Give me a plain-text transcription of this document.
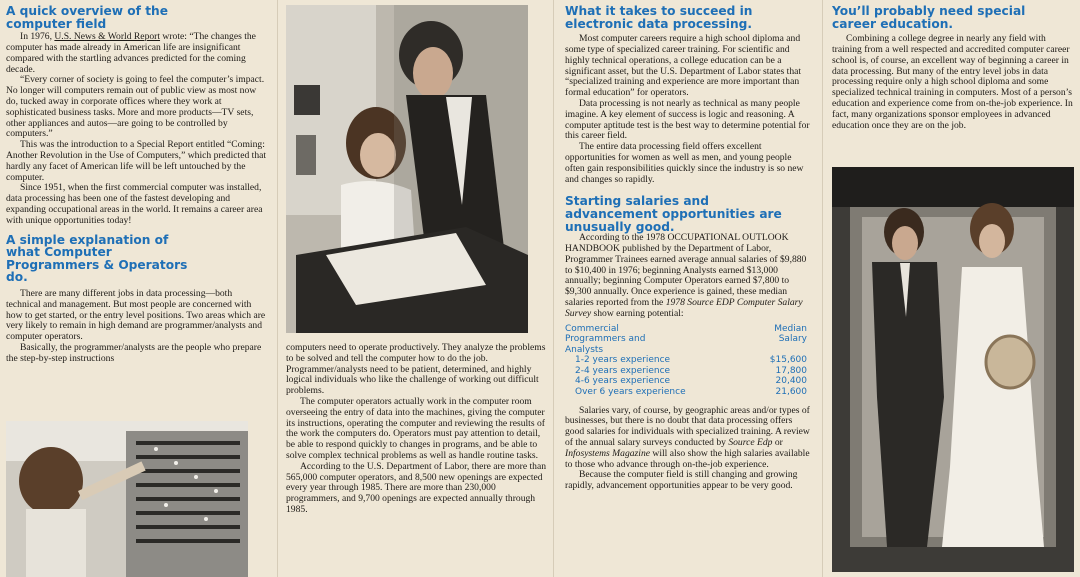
A quick overview of the computer field

In 1976, U.S. News & World Report wrote: “The changes the computer has made already in American life are insignificant compared with the startling advances predicted for the coming decade.

“Every corner of society is going to feel the computer’s impact. No longer will computers remain out of public view as most now do, tucked away in corporate offices where they work at sophisticated business tasks. More and more products—TV sets, other appliances and autos—are going to be controlled by computers.”

This was the introduction to a Special Report entitled “Coming: Another Revolution in the Use of Computers,” which predicted that hardly any facet of American life will be left untouched by the computer.

Since 1951, when the first commercial computer was installed, data processing has been one of the fastest developing and expanding occupational areas in the world. It remains a career area with unique opportunities today!

A simple explanation of what Computer Programmers & Operators do.

There are many different jobs in data processing—both technical and management. But most people are concerned with how to get started, or the entry level positions. Two areas which are very likely to remain in high demand are programmer/analysts and computer operators.

Basically, the programmer/analysts are the people who prepare the step-by-step instructions

computers need to operate productively. They analyze the problems to be solved and tell the computer how to do the job. Programmer/analysts need to be patient, determined, and highly logical individuals who like the challenge of working out difficult problems.

The computer operators actually work in the computer room overseeing the entry of data into the machines, giving the computer its instructions, operating the computer and reviewing the results of the work the computers do. Operators must pay attention to detail, be able to respond quickly to changes in programs, and be able to solve complex technical problems as well as handle routine tasks.

According to the U.S. Department of Labor, there are more than 565,000 computer operators, and 8,500 new openings are expected every year through 1985. There are more than 230,000 programmers, and 9,700 openings are expected annually through 1985.

What it takes to succeed in electronic data processing.

Most computer careers require a high school diploma and some type of specialized career training. For scientific and highly technical operations, a college education can be a significant asset, but the U.S. Department of Labor states that “specialized training and experience are more important than formal education” for operators.

Data processing is not nearly as technical as many people imagine. A key element of success is logic and reasoning. A computer aptitude test is the best way to determine potential for this career field.

The entire data processing field offers excellent opportunities for women as well as men, and young people often gain responsibilities quickly since the industry is so new and changes so rapidly.

Starting salaries and advancement opportunities are unusually good.

According to the 1978 OCCUPATIONAL OUTLOOK HANDBOOK published by the Department of Labor, Programmer Trainees earned average annual salaries of $9,880 to $10,400 in 1976; beginning Analysts earned $13,000 annually; beginning Computer Operators earned $7,800 to $9,300 annually. Once experience is gained, these median salaries reported from the 1978 Source EDP Computer Salary Survey show earning potential:

Commercial Programmers and Analysts
Median Salary
1-2 years experience	$15,600
2-4 years experience	17,800
4-6 years experience	20,400
Over 6 years experience	21,600

Salaries vary, of course, by geographic areas and/or types of businesses, but there is no doubt that data processing offers good salaries for individuals with specialized training. A review of the annual salary surveys conducted by Source Edp or Infosystems Magazine will also show the high salaries available to those who advance through on-the-job experience.

Because the computer field is still changing and growing rapidly, advancement opportunities appear to be very good.

You’ll probably need special career education.

Combining a college degree in nearly any field with training from a well respected and accredited computer career school is, of course, an excellent way of beginning a career in data processing. But many of the entry level jobs in data processing require only a high school diploma and some specialized technical training in computers. Most of a person’s education and experience come from on-the-job experience. In fact, many organizations sponsor employees in advanced education once they are on the job.
